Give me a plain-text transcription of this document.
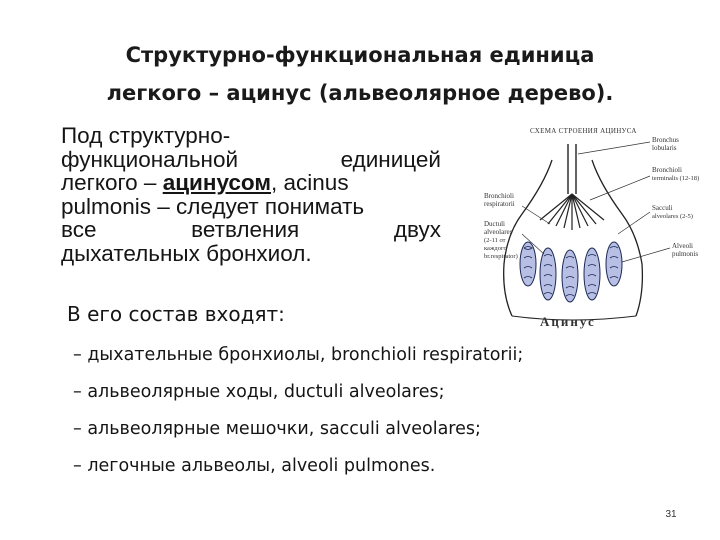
Структурно-функциональная единица
легкого – ацинус (альвеолярное дерево).
Под структурно-
функциональной	единицей
легкого – ацинусом, acinus
pulmonis – следует понимать
все	ветвления	двух
дыхательных бронхиол.
СХЕМА СТРОЕНИЯ АЦИНУСА
Bronchus
lobularis
Bronchioli
terminalis (12-18)
Sacculi
alveolares (2-5)
Alveoli
pulmonis
Bronchioli
respiratorii
Ductuli
alveolares
(2-11 от
каждого
br.respirator)
Ацинус
В его состав входят:
– дыхательные бронхиолы, bronchioli respiratorii;
– альвеолярные ходы, ductuli alveolares;
– альвеолярные мешочки, sacculi alveolares;
– легочные альвеолы, alveoli pulmones.
31
